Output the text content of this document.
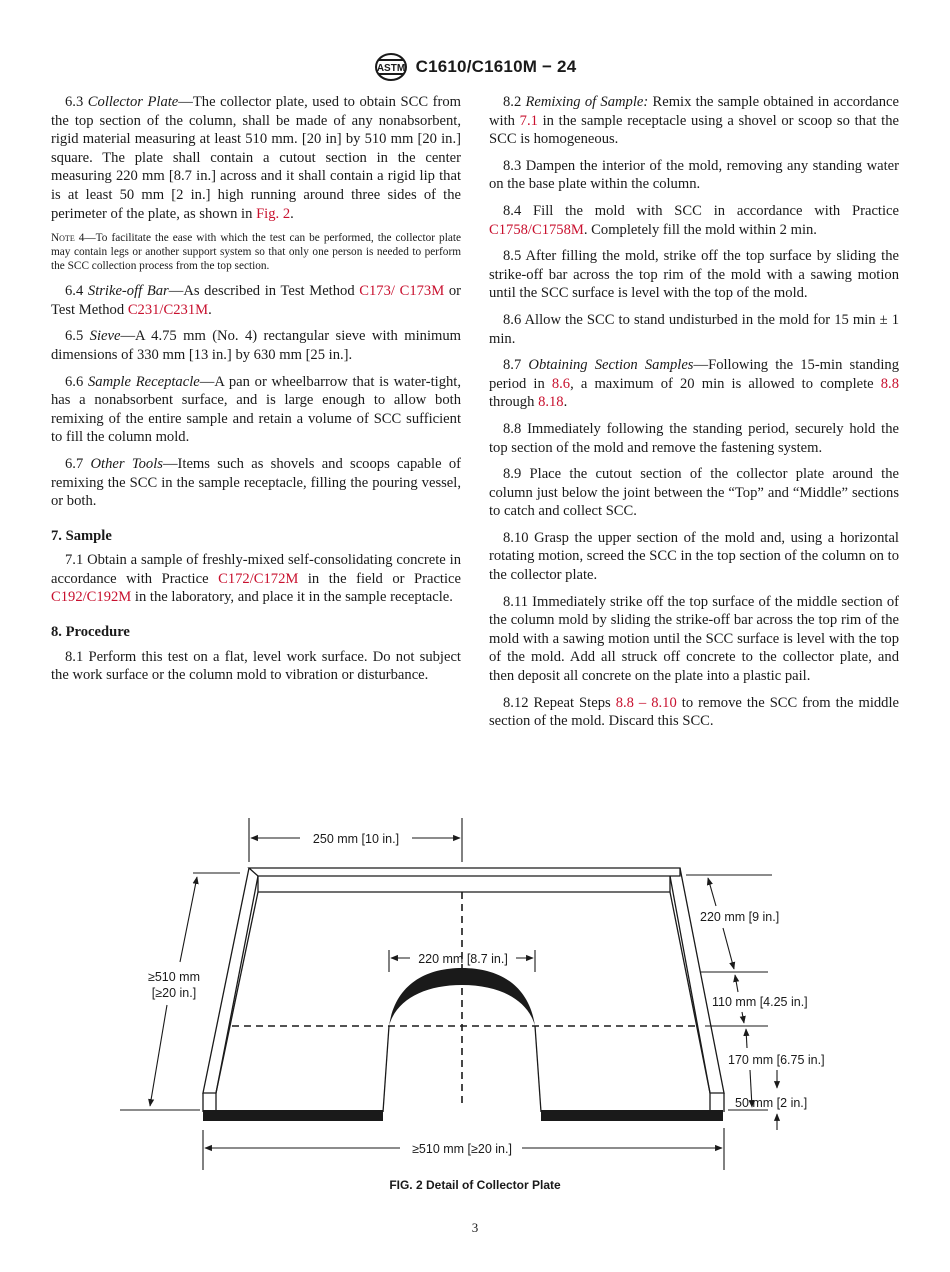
ASTM C1610/C1610M − 24

6.3 Collector Plate—The collector plate, used to obtain SCC from the top section of the column, shall be made of any nonabsorbent, rigid material measuring at least 510 mm. [20 in] by 510 mm [20 in.] square. The plate shall contain a cutout section in the center measuring 220 mm [8.7 in.] across and it shall contain a rigid lip that is at least 50 mm [2 in.] high running around three sides of the perimeter of the plate, as shown in Fig. 2.

Note 4—To facilitate the ease with which the test can be performed, the collector plate may contain legs or another support system so that only one person is needed to perform the SCC collection process from the top section.

6.4 Strike-off Bar—As described in Test Method C173/ C173M or Test Method C231/C231M.

6.5 Sieve—A 4.75 mm (No. 4) rectangular sieve with minimum dimensions of 330 mm [13 in.] by 630 mm [25 in.].

6.6 Sample Receptacle—A pan or wheelbarrow that is water-tight, has a nonabsorbent surface, and is large enough to allow both remixing of the entire sample and retain a volume of SCC sufficient to fill the column mold.

6.7 Other Tools—Items such as shovels and scoops capable of remixing the SCC in the sample receptacle, filling the pouring vessel, or both.

7. Sample

7.1 Obtain a sample of freshly-mixed self-consolidating concrete in accordance with Practice C172/C172M in the field or Practice C192/C192M in the laboratory, and place it in the sample receptacle.

8. Procedure

8.1 Perform this test on a flat, level work surface. Do not subject the work surface or the column mold to vibration or disturbance.

8.2 Remixing of Sample: Remix the sample obtained in accordance with 7.1 in the sample receptacle using a shovel or scoop so that the SCC is homogeneous.

8.3 Dampen the interior of the mold, removing any standing water on the base plate within the column.

8.4 Fill the mold with SCC in accordance with Practice C1758/C1758M. Completely fill the mold within 2 min.

8.5 After filling the mold, strike off the top surface by sliding the strike-off bar across the top rim of the mold with a sawing motion until the SCC surface is level with the top of the mold.

8.6 Allow the SCC to stand undisturbed in the mold for 15 min ± 1 min.

8.7 Obtaining Section Samples—Following the 15-min standing period in 8.6, a maximum of 20 min is allowed to complete 8.8 through 8.18.

8.8 Immediately following the standing period, securely hold the top section of the mold and remove the fastening system.

8.9 Place the cutout section of the collector plate around the column just below the joint between the “Top” and “Middle” sections to catch and collect SCC.

8.10 Grasp the upper section of the mold and, using a horizontal rotating motion, screed the SCC in the top section of the column on to the collector plate.

8.11 Immediately strike off the top surface of the middle section of the column mold by sliding the strike-off bar across the top rim of the mold with a sawing motion until the SCC surface is level with the top of the mold. Add all struck off concrete to the collector plate, and then deposit all concrete on the plate into a plastic pail.

8.12 Repeat Steps 8.8 – 8.10 to remove the SCC from the middle section of the mold. Discard this SCC.

250 mm [10 in.]
220 mm [8.7 in.]
≥510 mm
[≥20 in.]
220 mm [9 in.]
110 mm [4.25 in.]
170 mm [6.75 in.]
50 mm [2 in.]
≥510 mm [≥20 in.]
FIG. 2 Detail of Collector Plate
3
